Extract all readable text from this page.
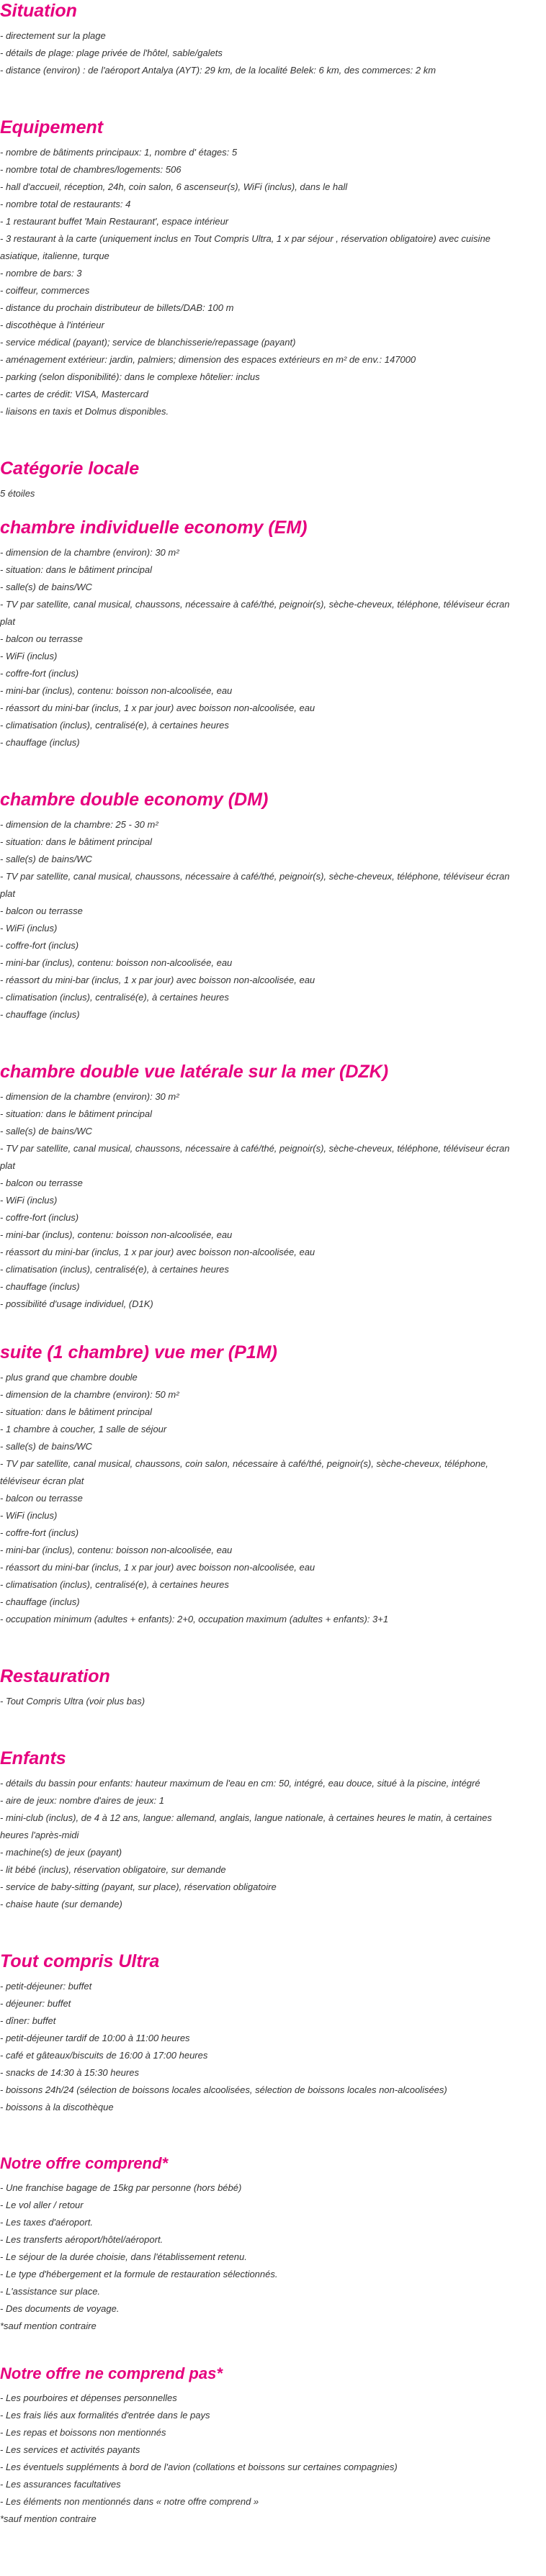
Situation
- directement sur la plage
- détails de plage: plage privée de l'hôtel, sable/galets
- distance (environ) : de l'aéroport Antalya (AYT): 29 km, de la localité Belek: 6 km, des commerces: 2 km
Equipement
- nombre de bâtiments principaux: 1, nombre d' étages: 5
- nombre total de chambres/logements: 506
- hall d'accueil, réception, 24h, coin salon, 6 ascenseur(s), WiFi (inclus), dans le hall
- nombre total de restaurants: 4
- 1 restaurant buffet 'Main Restaurant', espace intérieur
- 3 restaurant à la carte (uniquement inclus en Tout Compris Ultra, 1 x par séjour , réservation obligatoire) avec cuisine
asiatique, italienne, turque
- nombre de bars: 3
- coiffeur, commerces
- distance du prochain distributeur de billets/DAB: 100 m
- discothèque à l'intérieur
- service médical (payant); service de blanchisserie/repassage (payant)
- aménagement extérieur: jardin, palmiers; dimension des espaces extérieurs en m² de env.: 147000
- parking (selon disponibilité): dans le complexe hôtelier: inclus
- cartes de crédit: VISA, Mastercard
- liaisons en taxis et Dolmus disponibles.
Catégorie locale
5 étoiles
chambre individuelle economy (EM)
- dimension de la chambre (environ): 30 m²
- situation: dans le bâtiment principal
- salle(s) de bains/WC
- TV par satellite, canal musical, chaussons, nécessaire à café/thé, peignoir(s), sèche-cheveux, téléphone, téléviseur écran
plat
- balcon ou terrasse
- WiFi (inclus)
- coffre-fort (inclus)
- mini-bar (inclus), contenu: boisson non-alcoolisée, eau
- réassort du mini-bar (inclus, 1 x par jour) avec boisson non-alcoolisée, eau
- climatisation (inclus), centralisé(e), à certaines heures
- chauffage (inclus)
chambre double economy (DM)
- dimension de la chambre: 25 - 30 m²
- situation: dans le bâtiment principal
- salle(s) de bains/WC
- TV par satellite, canal musical, chaussons, nécessaire à café/thé, peignoir(s), sèche-cheveux, téléphone, téléviseur écran
plat
- balcon ou terrasse
- WiFi (inclus)
- coffre-fort (inclus)
- mini-bar (inclus), contenu: boisson non-alcoolisée, eau
- réassort du mini-bar (inclus, 1 x par jour) avec boisson non-alcoolisée, eau
- climatisation (inclus), centralisé(e), à certaines heures
- chauffage (inclus)
chambre double vue latérale sur la mer (DZK)
- dimension de la chambre (environ): 30 m²
- situation: dans le bâtiment principal
- salle(s) de bains/WC
- TV par satellite, canal musical, chaussons, nécessaire à café/thé, peignoir(s), sèche-cheveux, téléphone, téléviseur écran
plat
- balcon ou terrasse
- WiFi (inclus)
- coffre-fort (inclus)
- mini-bar (inclus), contenu: boisson non-alcoolisée, eau
- réassort du mini-bar (inclus, 1 x par jour) avec boisson non-alcoolisée, eau
- climatisation (inclus), centralisé(e), à certaines heures
- chauffage (inclus)
- possibilité d'usage individuel, (D1K)
suite (1 chambre) vue mer (P1M)
- plus grand que chambre double
- dimension de la chambre (environ): 50 m²
- situation: dans le bâtiment principal
- 1 chambre à coucher, 1 salle de séjour
- salle(s) de bains/WC
- TV par satellite, canal musical, chaussons, coin salon, nécessaire à café/thé, peignoir(s), sèche-cheveux, téléphone,
téléviseur écran plat
- balcon ou terrasse
- WiFi (inclus)
- coffre-fort (inclus)
- mini-bar (inclus), contenu: boisson non-alcoolisée, eau
- réassort du mini-bar (inclus, 1 x par jour) avec boisson non-alcoolisée, eau
- climatisation (inclus), centralisé(e), à certaines heures
- chauffage (inclus)
- occupation minimum (adultes + enfants): 2+0, occupation maximum (adultes + enfants): 3+1
Restauration
- Tout Compris Ultra (voir plus bas)
Enfants
- détails du bassin pour enfants: hauteur maximum de l'eau en cm: 50, intégré, eau douce, situé à la piscine, intégré
- aire de jeux: nombre d'aires de jeux: 1
- mini-club (inclus), de 4 à 12 ans, langue: allemand, anglais, langue nationale, à certaines heures le matin, à certaines
heures l'après-midi
- machine(s) de jeux (payant)
- lit bébé (inclus), réservation obligatoire, sur demande
- service de baby-sitting (payant, sur place), réservation obligatoire
- chaise haute (sur demande)
Tout compris Ultra
- petit-déjeuner: buffet
- déjeuner: buffet
- dîner: buffet
- petit-déjeuner tardif de 10:00 à 11:00 heures
- café et gâteaux/biscuits de 16:00 à 17:00 heures
- snacks de 14:30 à 15:30 heures
- boissons 24h/24 (sélection de boissons locales alcoolisées, sélection de boissons locales non-alcoolisées)
- boissons à la discothèque
Notre offre comprend*
- Une franchise bagage de 15kg par personne (hors bébé)
- Le vol aller / retour
- Les taxes d'aéroport.
- Les transferts aéroport/hôtel/aéroport.
- Le séjour de la durée choisie, dans l'établissement retenu.
- Le type d'hébergement et la formule de restauration sélectionnés.
- L'assistance sur place.
- Des documents de voyage.
*sauf mention contraire
Notre offre ne comprend pas*
- Les pourboires et dépenses personnelles
- Les frais liés aux formalités d'entrée dans le pays
- Les repas et boissons non mentionnés
- Les services et activités payants
- Les éventuels suppléments à bord de l'avion (collations et boissons sur certaines compagnies)
- Les assurances facultatives
- Les éléments non mentionnés dans « notre offre comprend »
*sauf mention contraire
